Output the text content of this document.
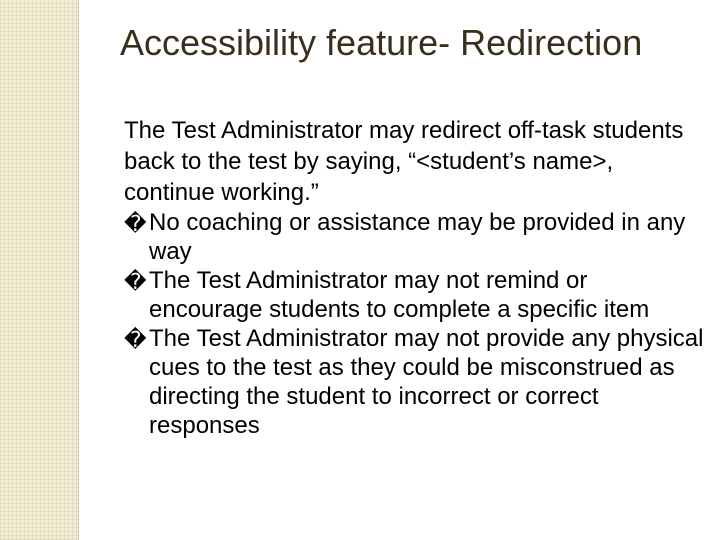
Accessibility feature- Redirection

The Test Administrator may redirect off-task students back to the test by saying, “<student’s name>, continue working.”

� No coaching or assistance may be provided in any way
� The Test Administrator may not remind or encourage students to complete a specific item
� The Test Administrator may not provide any physical cues to the test as they could be misconstrued as directing the student to incorrect or correct responses
